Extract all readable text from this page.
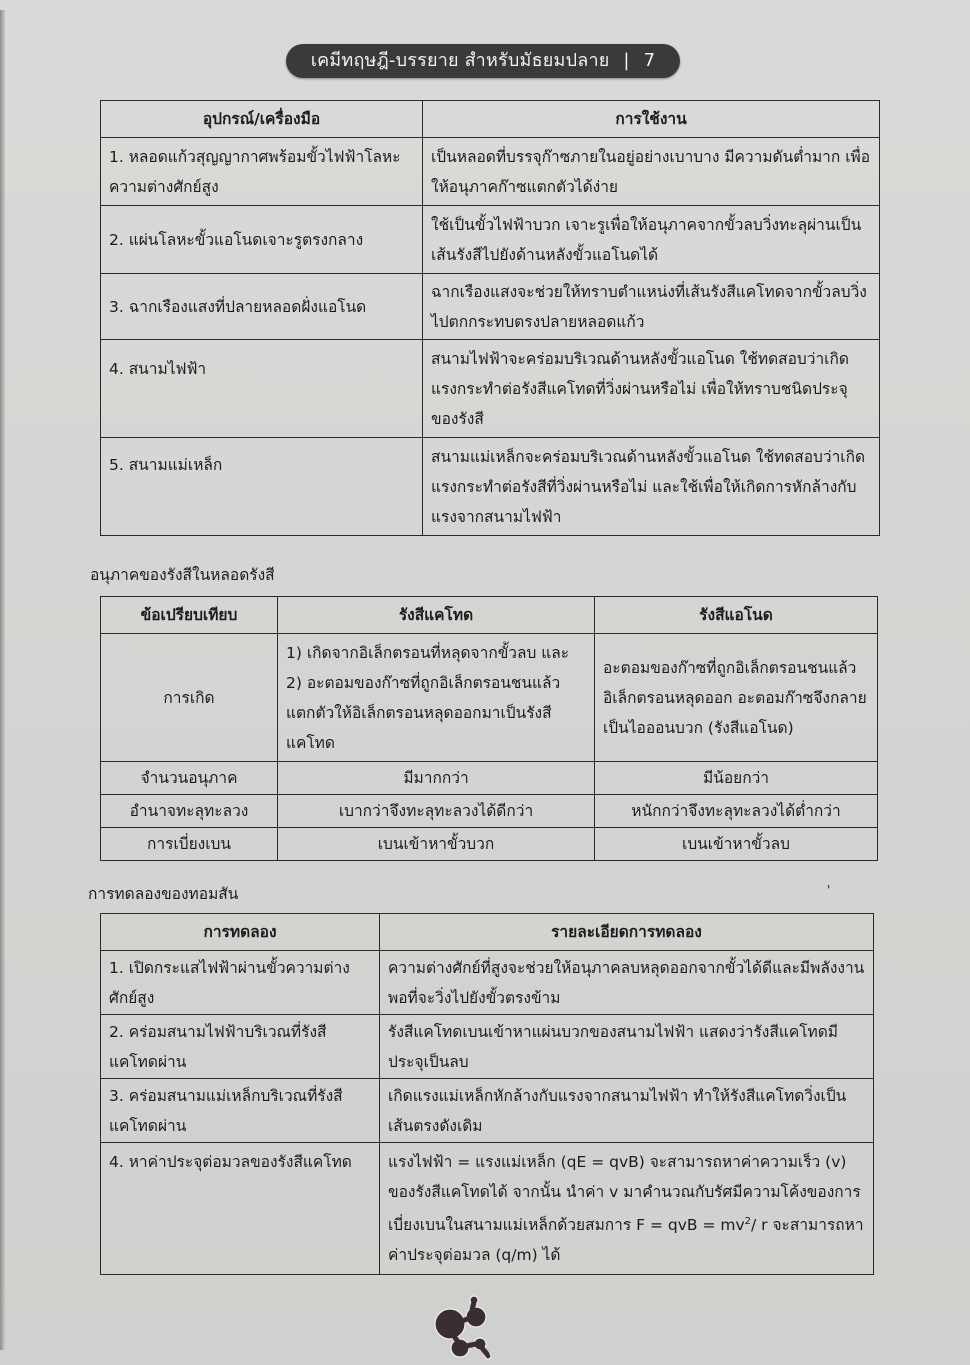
เคมีทฤษฎี-บรรยาย สำหรับมัธยมปลาย | 7
อุปกรณ์/เครื่องมือ	การใช้งาน
1. หลอดแก้วสุญญากาศพร้อมขั้วไฟฟ้าโลหะความต่างศักย์สูง	เป็นหลอดที่บรรจุก๊าซภายในอยู่อย่างเบาบาง มีความดันต่ำมาก เพื่อให้อนุภาคก๊าซแตกตัวได้ง่าย
2. แผ่นโลหะขั้วแอโนดเจาะรูตรงกลาง	ใช้เป็นขั้วไฟฟ้าบวก เจาะรูเพื่อให้อนุภาคจากขั้วลบวิ่งทะลุผ่านเป็นเส้นรังสีไปยังด้านหลังขั้วแอโนดได้
3. ฉากเรืองแสงที่ปลายหลอดฝั่งแอโนด	ฉากเรืองแสงจะช่วยให้ทราบตำแหน่งที่เส้นรังสีแคโทดจากขั้วลบวิ่งไปตกกระทบตรงปลายหลอดแก้ว
4. สนามไฟฟ้า	สนามไฟฟ้าจะคร่อมบริเวณด้านหลังขั้วแอโนด ใช้ทดสอบว่าเกิดแรงกระทำต่อรังสีแคโทดที่วิ่งผ่านหรือไม่ เพื่อให้ทราบชนิดประจุของรังสี
5. สนามแม่เหล็ก	สนามแม่เหล็กจะคร่อมบริเวณด้านหลังขั้วแอโนด ใช้ทดสอบว่าเกิดแรงกระทำต่อรังสีที่วิ่งผ่านหรือไม่ และใช้เพื่อให้เกิดการหักล้างกับแรงจากสนามไฟฟ้า
อนุภาคของรังสีในหลอดรังสี
ข้อเปรียบเทียบ	รังสีแคโทด	รังสีแอโนด
การเกิด	1) เกิดจากอิเล็กตรอนที่หลุดจากขั้วลบ และ 2) อะตอมของก๊าซที่ถูกอิเล็กตรอนชนแล้วแตกตัวให้อิเล็กตรอนหลุดออกมาเป็นรังสีแคโทด	อะตอมของก๊าซที่ถูกอิเล็กตรอนชนแล้วอิเล็กตรอนหลุดออก อะตอมก๊าซจึงกลายเป็นไอออนบวก (รังสีแอโนด)
จำนวนอนุภาค	มีมากกว่า	มีน้อยกว่า
อำนาจทะลุทะลวง	เบากว่าจึงทะลุทะลวงได้ดีกว่า	หนักกว่าจึงทะลุทะลวงได้ต่ำกว่า
การเบี่ยงเบน	เบนเข้าหาขั้วบวก	เบนเข้าหาขั้วลบ
การทดลองของทอมสัน	'
การทดลอง	รายละเอียดการทดลอง
1. เปิดกระแสไฟฟ้าผ่านขั้วความต่างศักย์สูง	ความต่างศักย์ที่สูงจะช่วยให้อนุภาคลบหลุดออกจากขั้วได้ดีและมีพลังงานพอที่จะวิ่งไปยังขั้วตรงข้าม
2. คร่อมสนามไฟฟ้าบริเวณที่รังสีแคโทดผ่าน	รังสีแคโทดเบนเข้าหาแผ่นบวกของสนามไฟฟ้า แสดงว่ารังสีแคโทดมีประจุเป็นลบ
3. คร่อมสนามแม่เหล็กบริเวณที่รังสีแคโทดผ่าน	เกิดแรงแม่เหล็กหักล้างกับแรงจากสนามไฟฟ้า ทำให้รังสีแคโทดวิ่งเป็นเส้นตรงดังเดิม
4. หาค่าประจุต่อมวลของรังสีแคโทด	แรงไฟฟ้า = แรงแม่เหล็ก (qE = qvB) จะสามารถหาค่าความเร็ว (v) ของรังสีแคโทดได้ จากนั้น นำค่า v มาคำนวณกับรัศมีความโค้งของการเบี่ยงเบนในสนามแม่เหล็กด้วยสมการ F = qvB = $mv^2/$ r จะสามารถหาค่าประจุต่อมวล (q/m) ได้
